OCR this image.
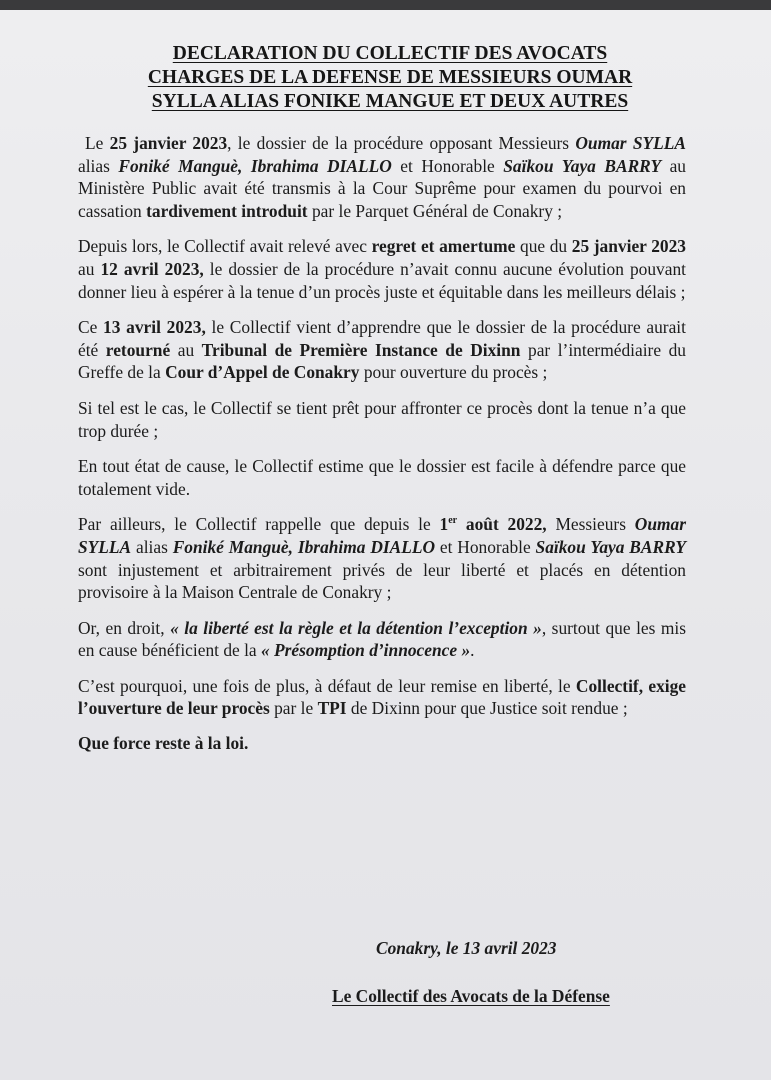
DECLARATION DU COLLECTIF DES AVOCATS
CHARGES DE LA DEFENSE DE MESSIEURS OUMAR
SYLLA ALIAS FONIKE MANGUE ET DEUX AUTRES

Le 25 janvier 2023, le dossier de la procédure opposant Messieurs Oumar SYLLA alias Foniké Manguè, Ibrahima DIALLO et Honorable Saïkou Yaya BARRY au Ministère Public avait été transmis à la Cour Suprême pour examen du pourvoi en cassation tardivement introduit par le Parquet Général de Conakry ;

Depuis lors, le Collectif avait relevé avec regret et amertume que du 25 janvier 2023 au 12 avril 2023, le dossier de la procédure n’avait connu aucune évolution pouvant donner lieu à espérer à la tenue d’un procès juste et équitable dans les meilleurs délais ;

Ce 13 avril 2023, le Collectif vient d’apprendre que le dossier de la procédure aurait été retourné au Tribunal de Première Instance de Dixinn par l’intermédiaire du Greffe de la Cour d’Appel de Conakry pour ouverture du procès ;

Si tel est le cas, le Collectif se tient prêt pour affronter ce procès dont la tenue n’a que trop durée ;

En tout état de cause, le Collectif estime que le dossier est facile à défendre parce que totalement vide.

Par ailleurs, le Collectif rappelle que depuis le 1er août 2022, Messieurs Oumar SYLLA alias Foniké Manguè, Ibrahima DIALLO et Honorable Saïkou Yaya BARRY sont injustement et arbitrairement privés de leur liberté et placés en détention provisoire à la Maison Centrale de Conakry ;

Or, en droit, « la liberté est la règle et la détention l’exception », surtout que les mis en cause bénéficient de la « Présomption d’innocence ».

C’est pourquoi, une fois de plus, à défaut de leur remise en liberté, le Collectif, exige l’ouverture de leur procès par le TPI de Dixinn pour que Justice soit rendue ;

Que force reste à la loi.
Conakry, le 13 avril 2023
Le Collectif des Avocats de la Défense
